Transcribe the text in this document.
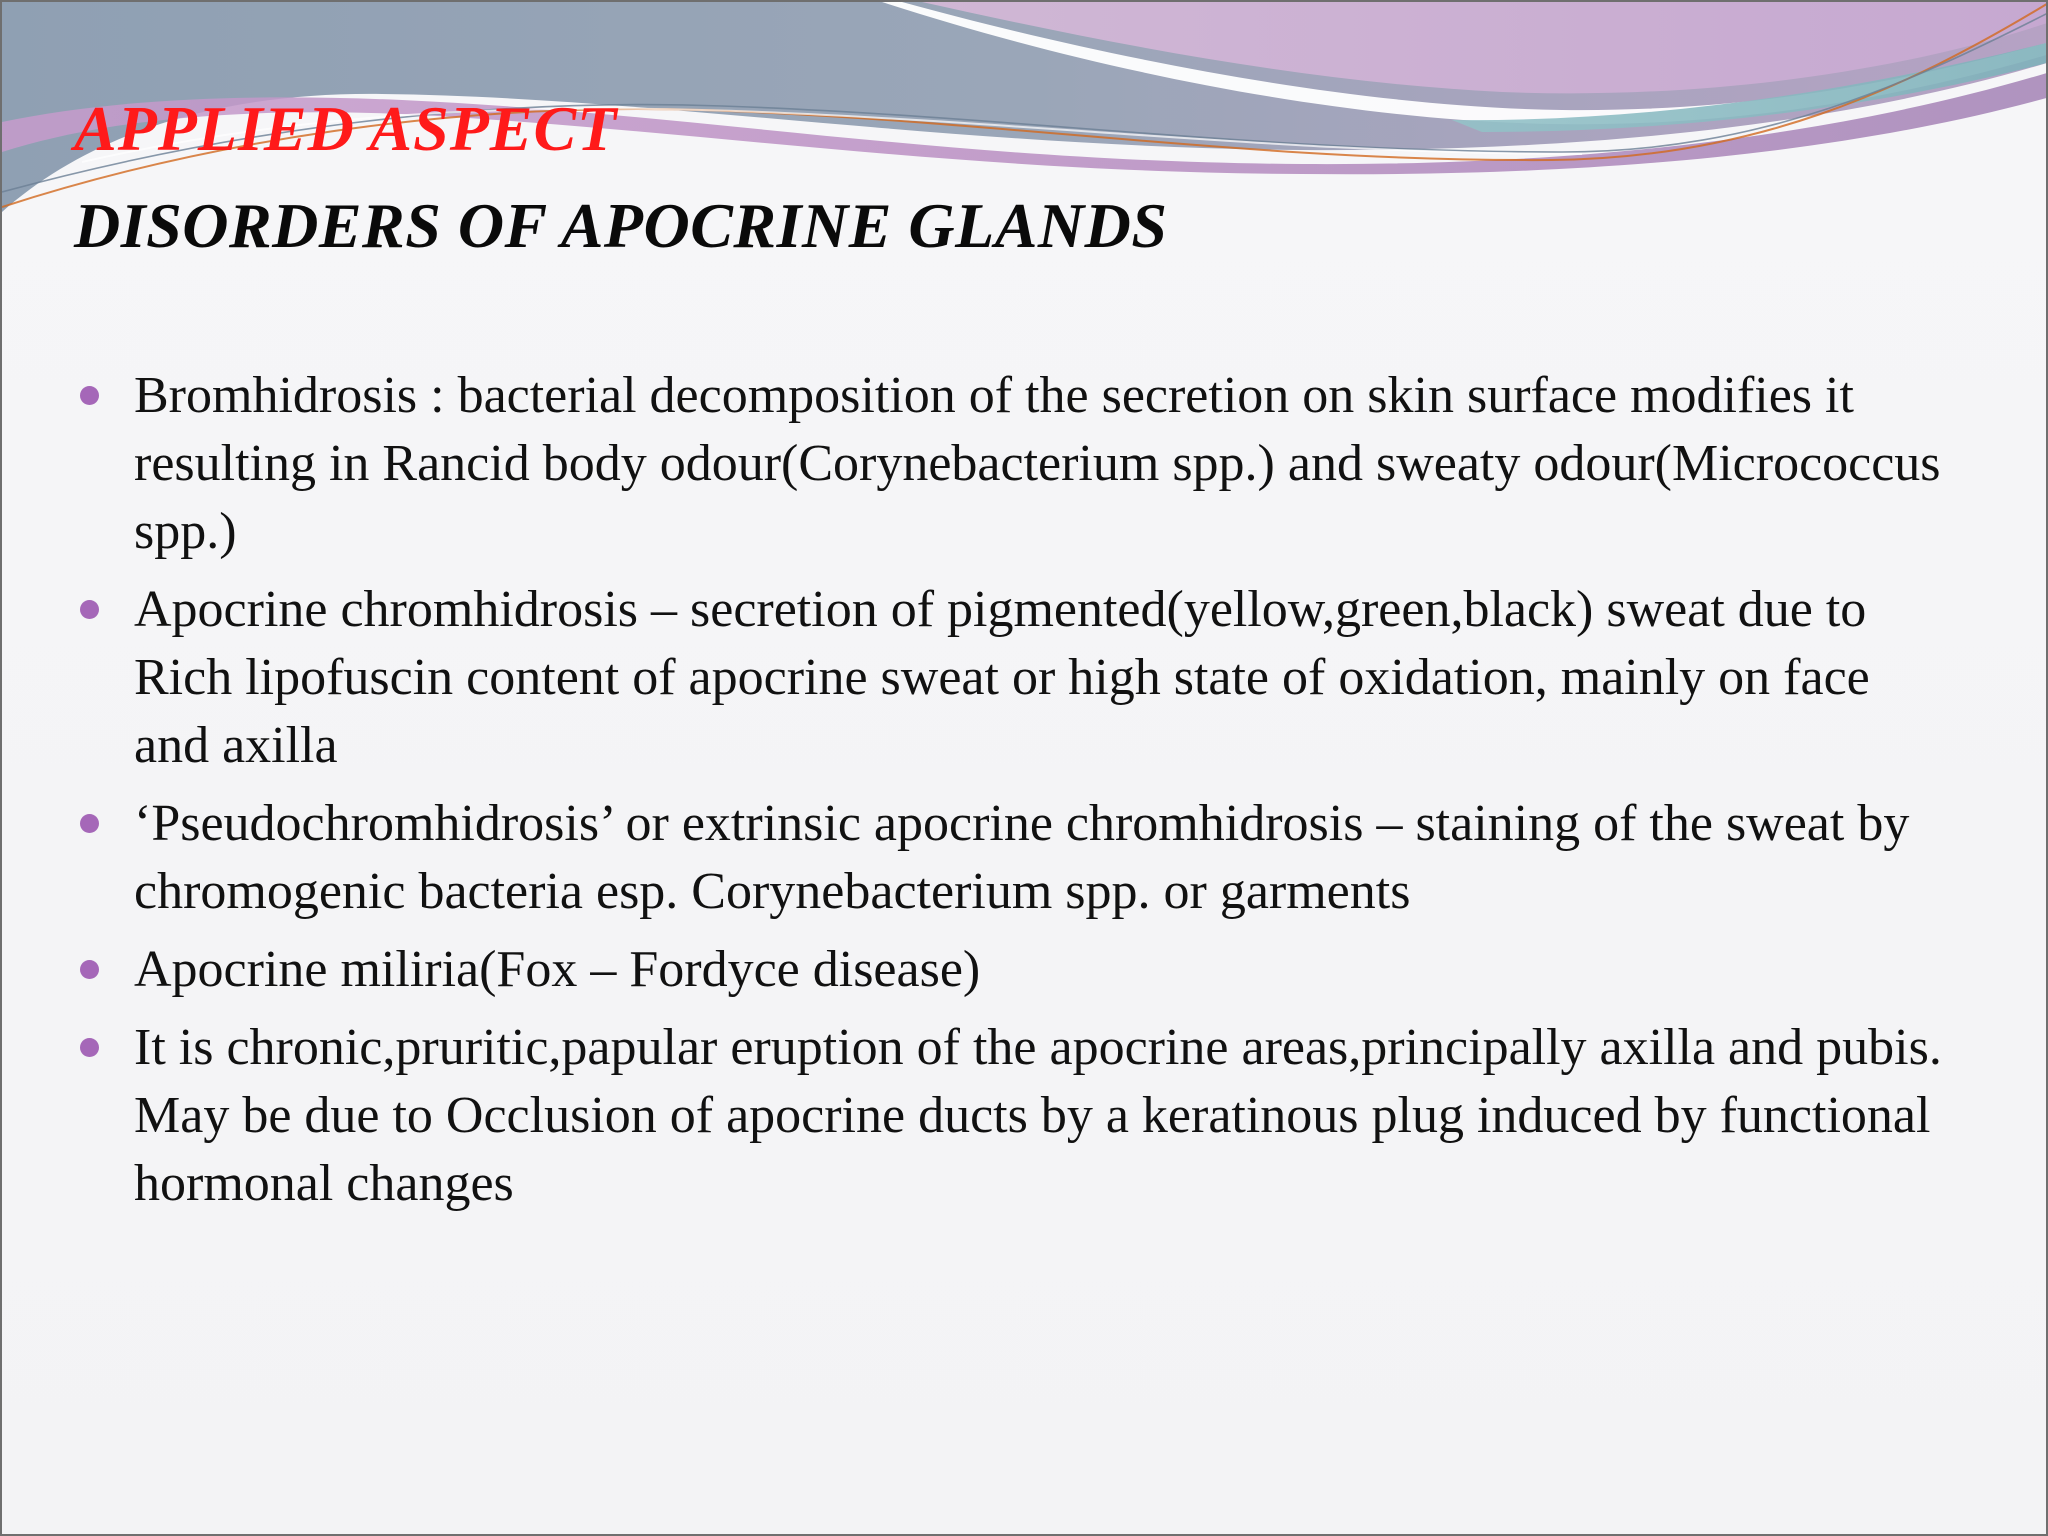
APPLIED ASPECT
DISORDERS OF APOCRINE GLANDS
Bromhidrosis : bacterial decomposition of the secretion on skin surface modifies it resulting in Rancid body odour(Corynebacterium spp.) and sweaty odour(Micrococcus spp.)
Apocrine chromhidrosis – secretion of pigmented(yellow,green,black) sweat due to Rich lipofuscin content of apocrine sweat or high state of oxidation, mainly on face and axilla
‘Pseudochromhidrosis’ or extrinsic apocrine chromhidrosis – staining of the sweat by chromogenic bacteria esp. Corynebacterium spp. or garments
Apocrine miliria(Fox – Fordyce disease)
It is chronic,pruritic,papular eruption of the apocrine areas,principally axilla and pubis. May be due to Occlusion of apocrine ducts by a keratinous plug induced by functional hormonal changes
